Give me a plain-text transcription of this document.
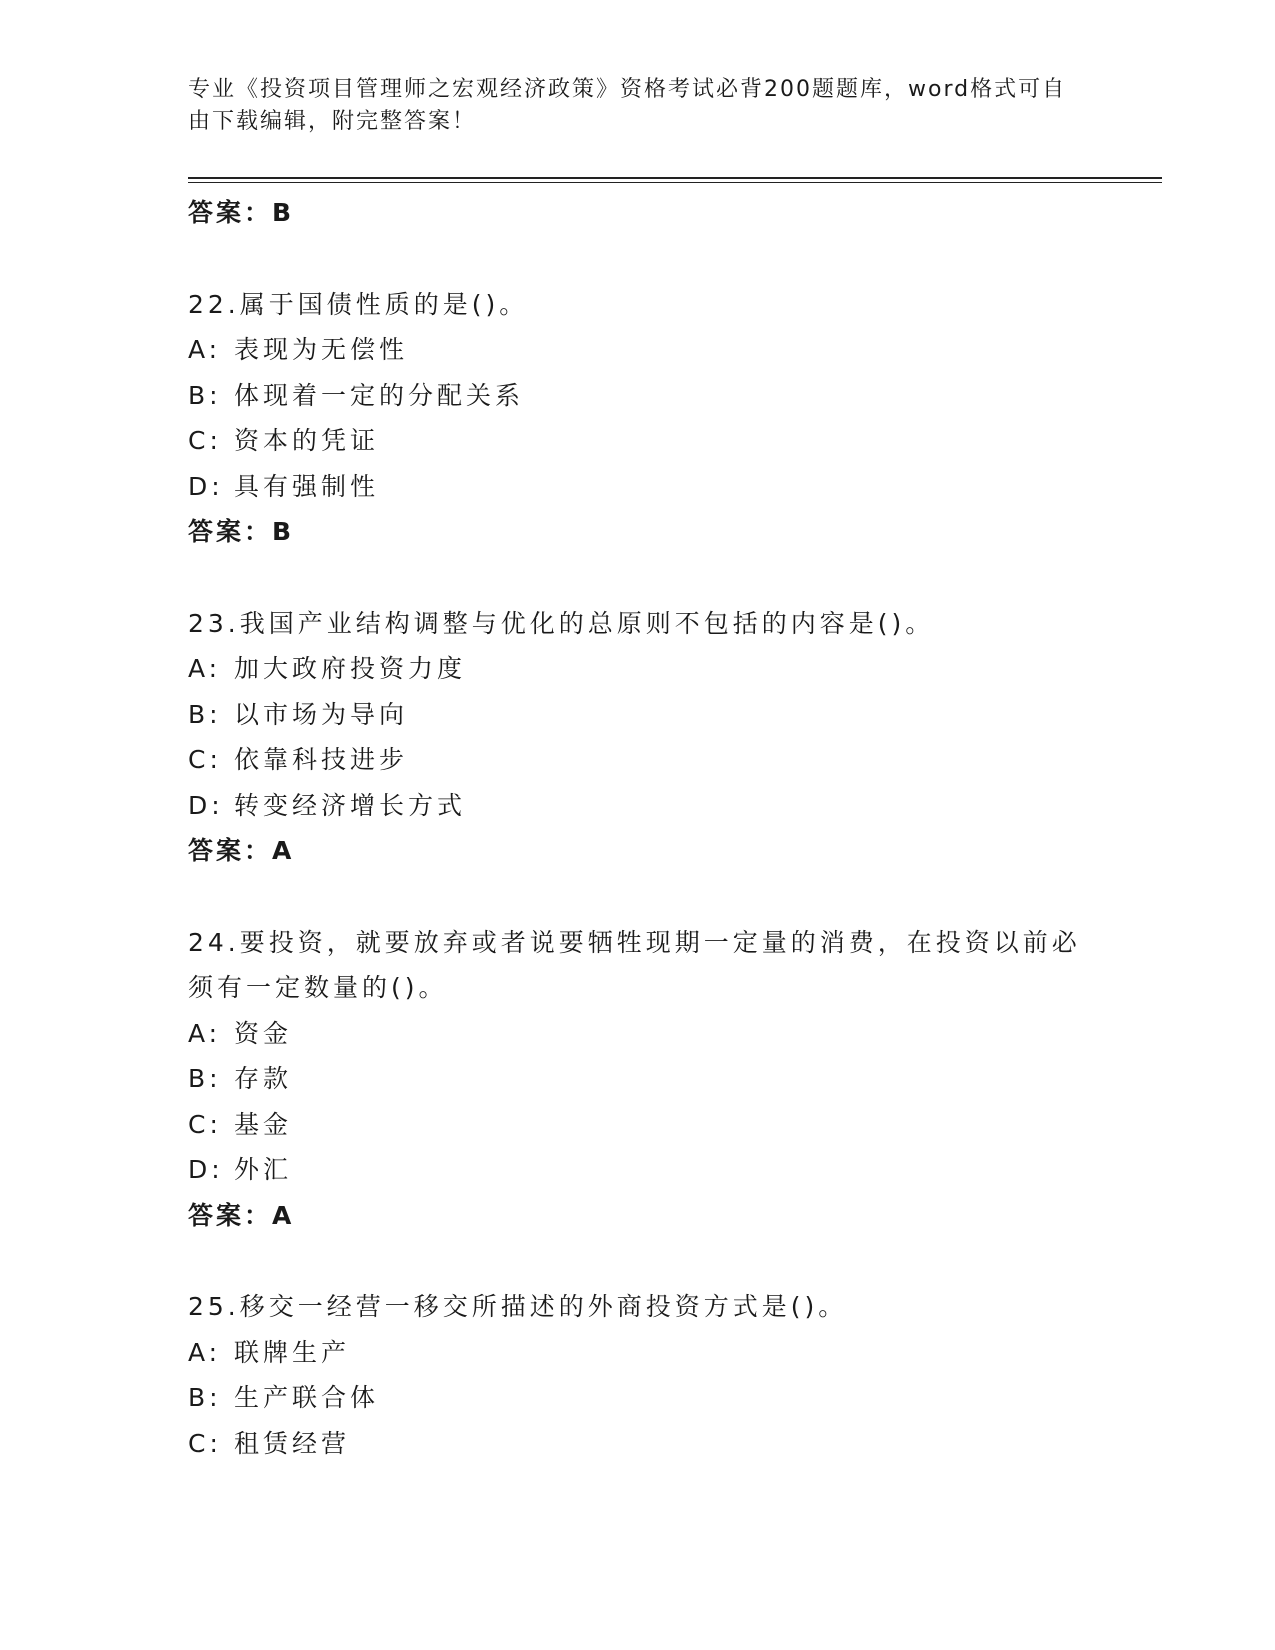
专业《投资项目管理师之宏观经济政策》资格考试必背200题题库，word格式可自由下载编辑，附完整答案！
答案：B
22.属于国债性质的是()。
A: 表现为无偿性
B: 体现着一定的分配关系
C: 资本的凭证
D: 具有强制性
答案：B
23.我国产业结构调整与优化的总原则不包括的内容是()。
A: 加大政府投资力度
B: 以市场为导向
C: 依靠科技进步
D: 转变经济增长方式
答案：A
24.要投资，就要放弃或者说要牺牲现期一定量的消费，在投资以前必
须有一定数量的()。
A: 资金
B: 存款
C: 基金
D: 外汇
答案：A
25.移交一经营一移交所描述的外商投资方式是()。
A: 联牌生产
B: 生产联合体
C: 租赁经营
